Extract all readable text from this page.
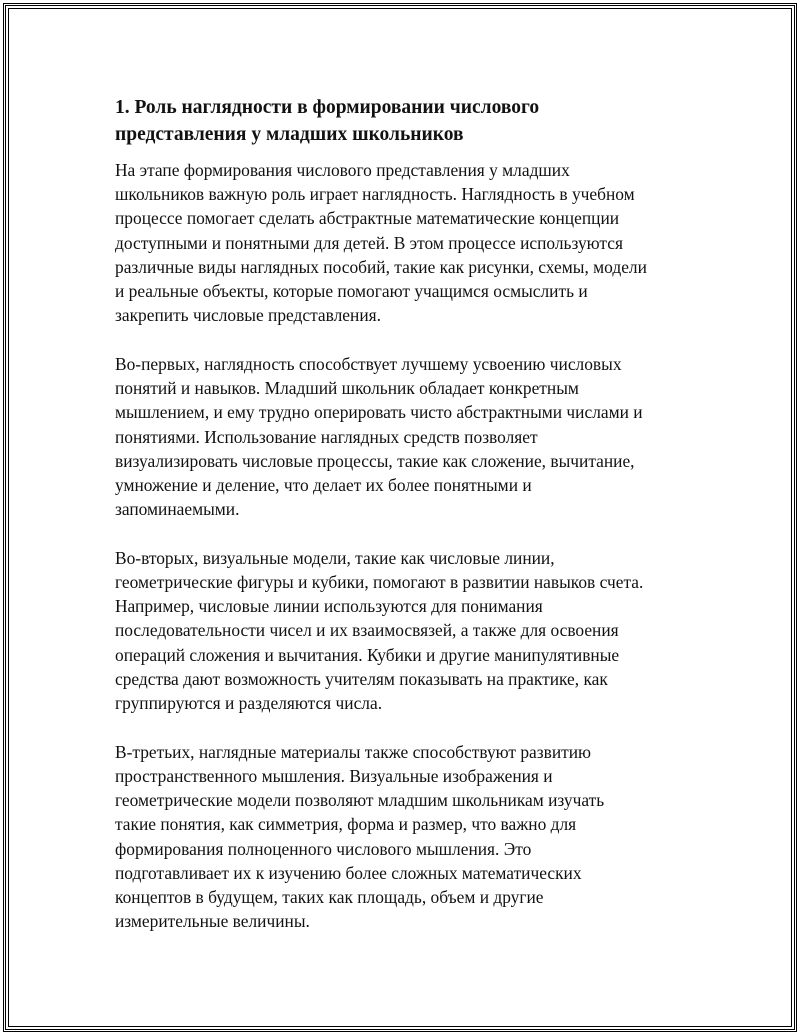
1. Роль наглядности в формировании числового
представления у младших школьников

На этапе формирования числового представления у младших
школьников важную роль играет наглядность. Наглядность в учебном
процессе помогает сделать абстрактные математические концепции
доступными и понятными для детей. В этом процессе используются
различные виды наглядных пособий, такие как рисунки, схемы, модели
и реальные объекты, которые помогают учащимся осмыслить и
закрепить числовые представления.

Во-первых, наглядность способствует лучшему усвоению числовых
понятий и навыков. Младший школьник обладает конкретным
мышлением, и ему трудно оперировать чисто абстрактными числами и
понятиями. Использование наглядных средств позволяет
визуализировать числовые процессы, такие как сложение, вычитание,
умножение и деление, что делает их более понятными и
запоминаемыми.

Во-вторых, визуальные модели, такие как числовые линии,
геометрические фигуры и кубики, помогают в развитии навыков счета.
Например, числовые линии используются для понимания
последовательности чисел и их взаимосвязей, а также для освоения
операций сложения и вычитания. Кубики и другие манипулятивные
средства дают возможность учителям показывать на практике, как
группируются и разделяются числа.

В-третьих, наглядные материалы также способствуют развитию
пространственного мышления. Визуальные изображения и
геометрические модели позволяют младшим школьникам изучать
такие понятия, как симметрия, форма и размер, что важно для
формирования полноценного числового мышления. Это
подготавливает их к изучению более сложных математических
концептов в будущем, таких как площадь, объем и другие
измерительные величины.
